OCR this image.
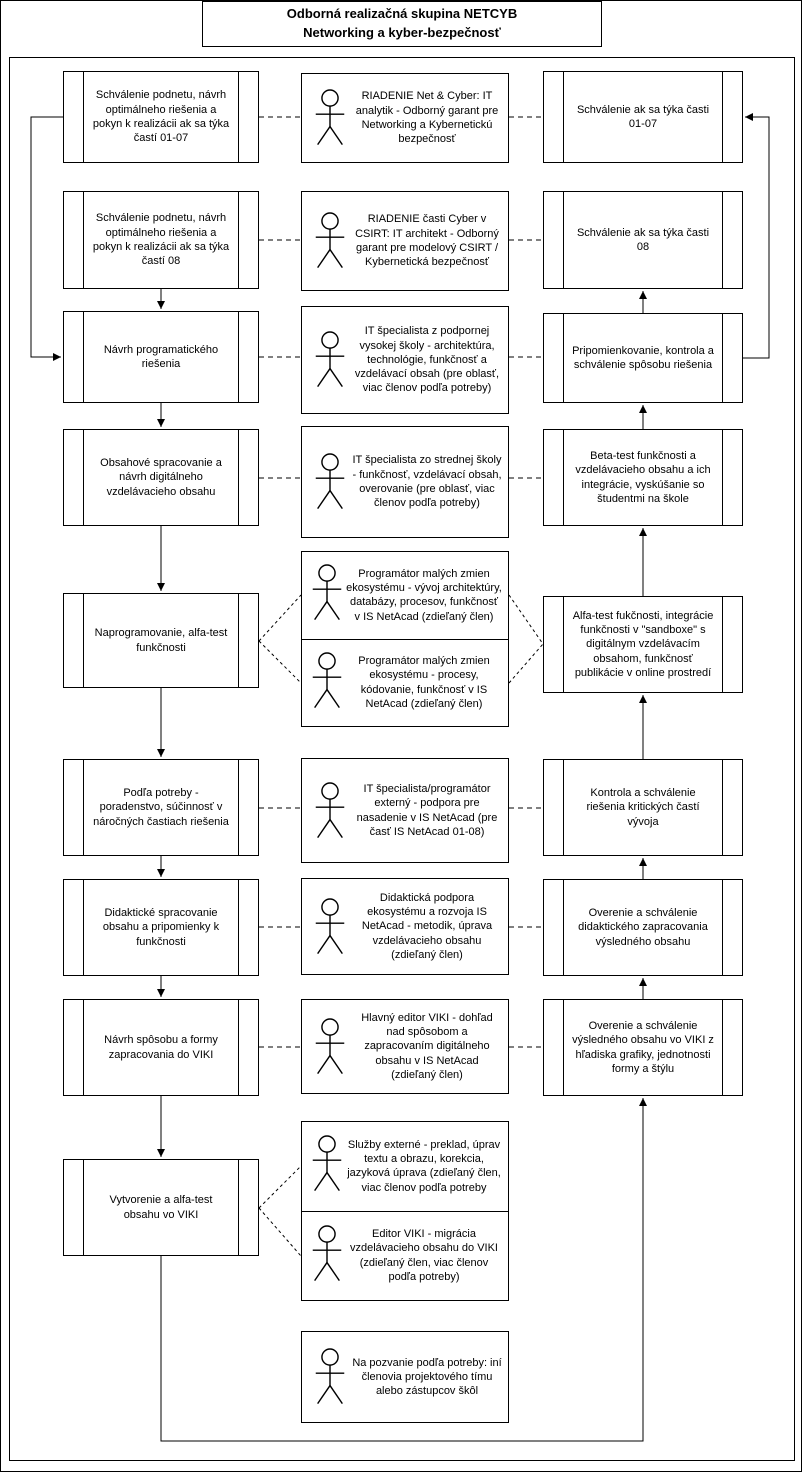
Odborná realizačná skupina NETCYB
Networking a kyber-bezpečnosť
Schválenie podnetu, návrh optimálneho riešenia a pokyn k realizácii ak sa týka častí 01-07
Schválenie podnetu, návrh optimálneho riešenia a pokyn k realizácii ak sa týka častí 08
Návrh programatického riešenia
Obsahové spracovanie a návrh digitálneho vzdelávacieho obsahu
Naprogramovanie, alfa-test funkčnosti
Podľa potreby - poradenstvo, súčinnosť v náročných častiach riešenia
Didaktické spracovanie obsahu a pripomienky k funkčnosti
Návrh spôsobu a formy zapracovania do VIKI
Vytvorenie a alfa-test obsahu vo VIKI
RIADENIE Net & Cyber: IT analytik - Odborný garant pre Networking a Kybernetickú bezpečnosť
RIADENIE časti Cyber v CSIRT: IT architekt - Odborný garant pre modelový CSIRT / Kybernetická bezpečnosť
IT špecialista z podpornej vysokej školy - architektúra, technológie, funkčnosť a vzdelávací obsah (pre oblasť, viac členov podľa potreby)
IT špecialista zo strednej školy - funkčnosť, vzdelávací obsah, overovanie (pre oblasť, viac členov podľa potreby)
Programátor malých zmien ekosystému - vývoj architektúry, databázy, procesov, funkčnosť v IS NetAcad (zdieľaný člen)
Programátor malých zmien ekosystému - procesy, kódovanie, funkčnosť v IS NetAcad (zdieľaný člen)
IT špecialista/programátor externý - podpora pre nasadenie v IS NetAcad (pre časť IS NetAcad 01-08)
Didaktická podpora ekosystému a rozvoja IS NetAcad - metodik, úprava vzdelávacieho obsahu (zdieľaný člen)
Hlavný editor VIKI - dohľad nad spôsobom a zapracovaním digitálneho obsahu v IS NetAcad (zdieľaný člen)
Služby externé - preklad, úprav textu a obrazu, korekcia, jazyková úprava (zdieľaný člen, viac členov podľa potreby
Editor VIKI - migrácia vzdelávacieho obsahu do VIKI (zdieľaný člen, viac členov podľa potreby)
Na pozvanie podľa potreby: iní členovia projektového tímu alebo zástupcov škôl
Schválenie ak sa týka časti 01-07
Schválenie ak sa týka časti 08
Pripomienkovanie, kontrola a schválenie spôsobu riešenia
Beta-test funkčnosti a vzdelávacieho obsahu a ich integrácie, vyskúšanie so študentmi na škole
Alfa-test fukčnosti, integrácie funkčnosti v "sandboxe" s digitálnym vzdelávacím obsahom, funkčnosť publikácie v online prostredí
Kontrola a schválenie riešenia kritických častí vývoja
Overenie a schválenie didaktického zapracovania výsledného obsahu
Overenie a schválenie výsledného obsahu vo VIKI z hľadiska grafiky, jednotnosti formy a štýlu
